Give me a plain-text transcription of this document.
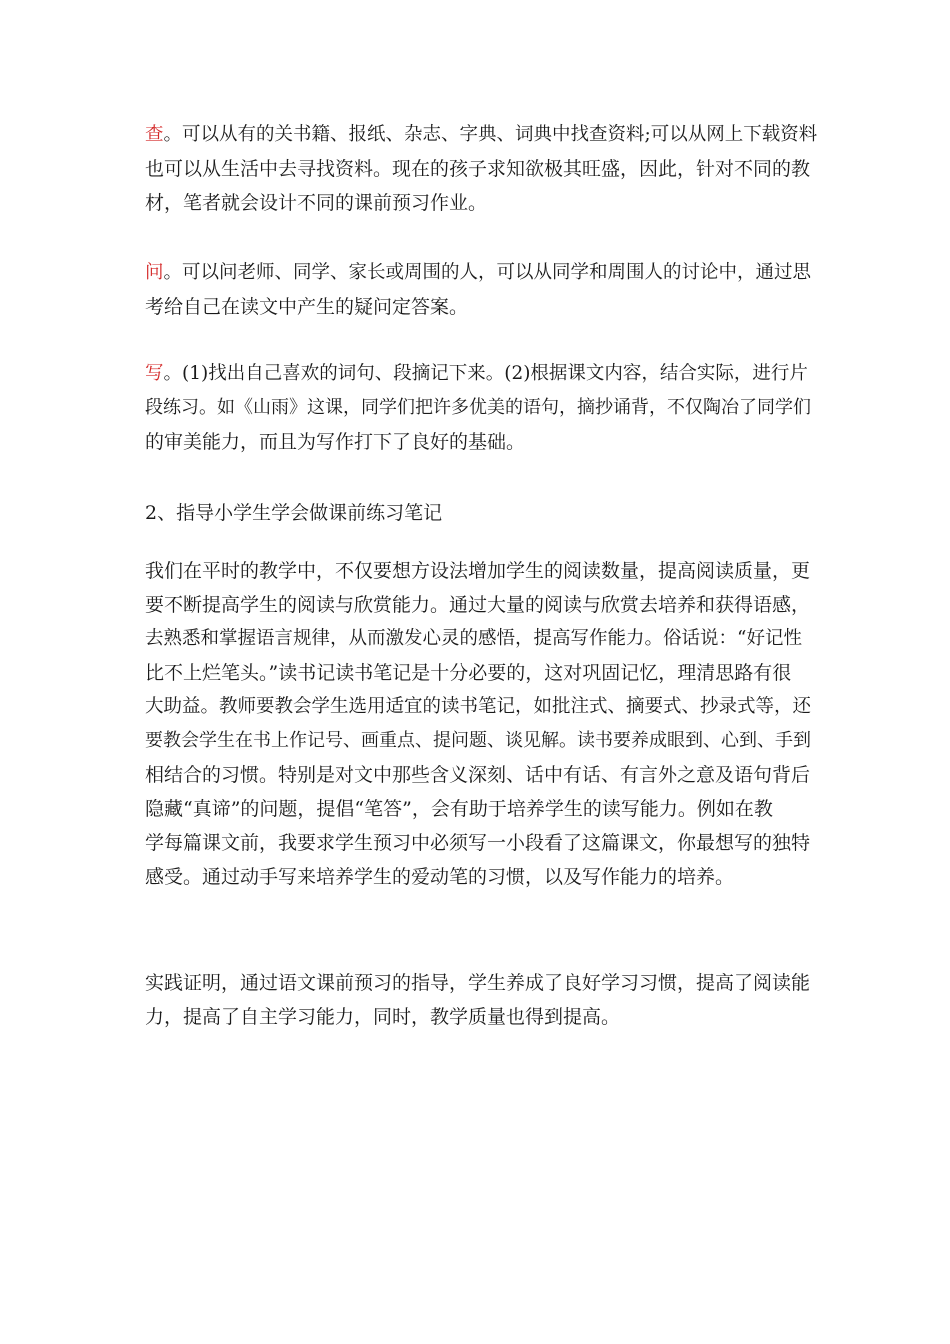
查。可以从有的关书籍、报纸、杂志、字典、词典中找查资料;可以从网上下载资料
也可以从生活中去寻找资料。现在的孩子求知欲极其旺盛，因此，针对不同的教
材，笔者就会设计不同的课前预习作业。

问。可以问老师、同学、家长或周围的人，可以从同学和周围人的讨论中，通过思
考给自己在读文中产生的疑问定答案。

写。(1)找出自己喜欢的词句、段摘记下来。(2)根据课文内容，结合实际，进行片
段练习。如《山雨》这课，同学们把许多优美的语句，摘抄诵背，不仅陶冶了同学们
的审美能力，而且为写作打下了良好的基础。

2、指导小学生学会做课前练习笔记

我们在平时的教学中，不仅要想方设法增加学生的阅读数量，提高阅读质量，更
要不断提高学生的阅读与欣赏能力。通过大量的阅读与欣赏去培养和获得语感，
去熟悉和掌握语言规律，从而激发心灵的感悟，提高写作能力。俗话说：“好记性
比不上烂笔头。”读书记读书笔记是十分必要的，这对巩固记忆，理清思路有很
大助益。教师要教会学生选用适宜的读书笔记，如批注式、摘要式、抄录式等，还
要教会学生在书上作记号、画重点、提问题、谈见解。读书要养成眼到、心到、手到
相结合的习惯。特别是对文中那些含义深刻、话中有话、有言外之意及语句背后
隐藏“真谛”的问题，提倡“笔答”，会有助于培养学生的读写能力。例如在教
学每篇课文前，我要求学生预习中必须写一小段看了这篇课文，你最想写的独特
感受。通过动手写来培养学生的爱动笔的习惯，以及写作能力的培养。

实践证明，通过语文课前预习的指导，学生养成了良好学习习惯，提高了阅读能
力，提高了自主学习能力，同时，教学质量也得到提高。
